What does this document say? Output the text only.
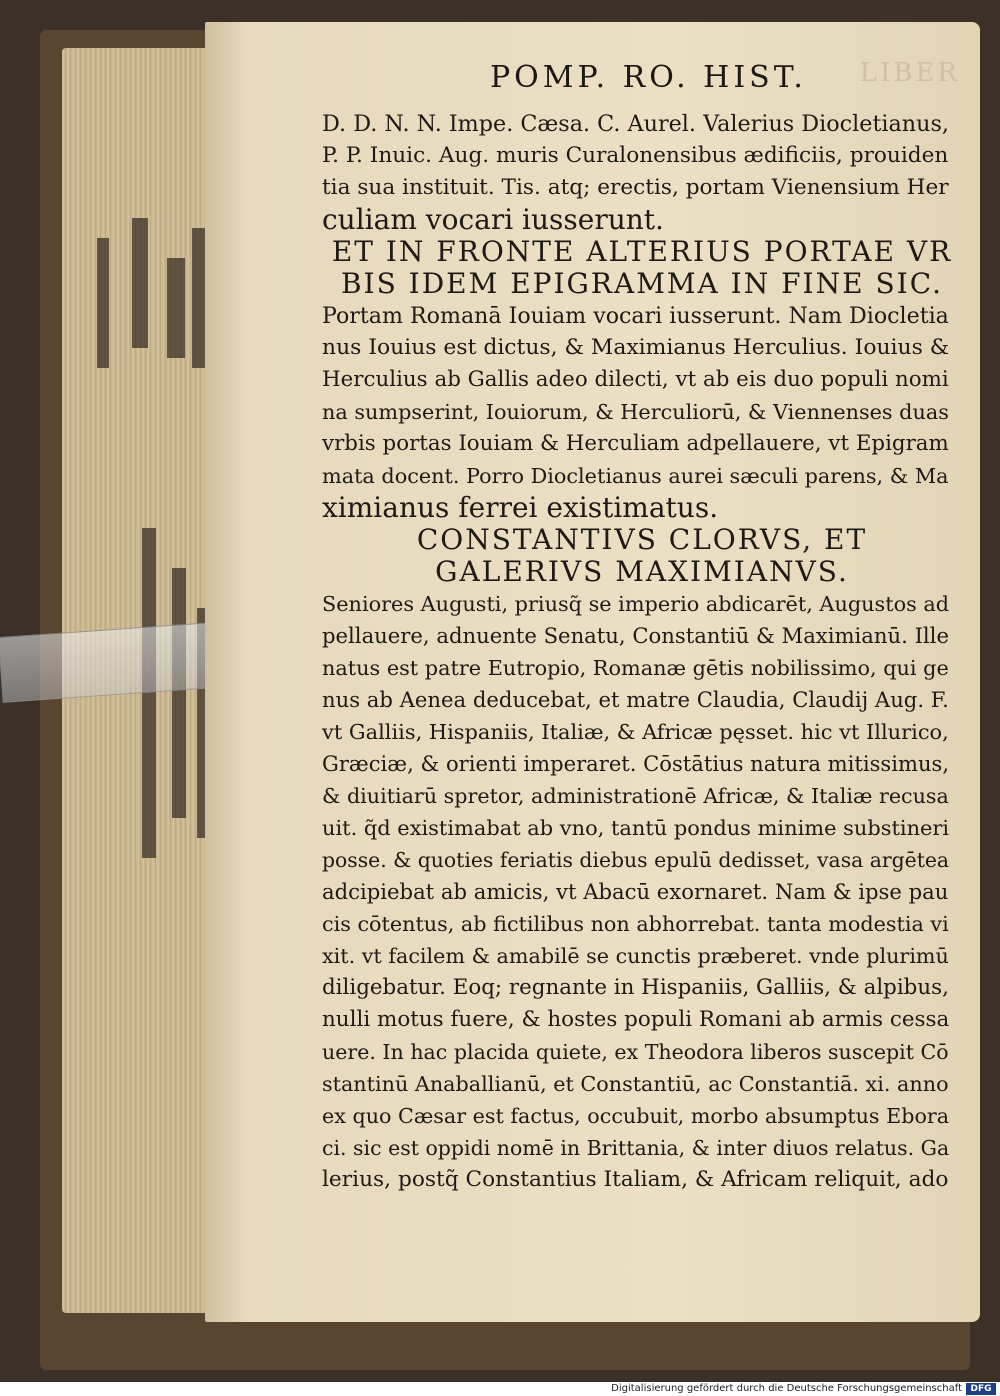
LIBER
POMP. RO. HIST.

D. D. N. N. Impe. Cæsa. C. Aurel. Valerius Diocletianus,

P. P. Inuic. Aug. muris Curalonensibus ædificiis, prouiden

tia sua instituit. Tis. atq; erectis, portam Vienensium Her

culiam vocari iusserunt.

ET IN FRONTE ALTERIUS PORTAE VR

BIS IDEM EPIGRAMMA IN FINE SIC.

Portam Romanā Iouiam vocari iusserunt. Nam Diocletia

nus Iouius est dictus, & Maximianus Herculius. Iouius &

Herculius ab Gallis adeo dilecti, vt ab eis duo populi nomi

na sumpserint, Iouiorum, & Herculiorū, & Viennenses duas

vrbis portas Iouiam & Herculiam adpellauere, vt Epigram

mata docent. Porro Diocletianus aurei sæculi parens, & Ma

ximianus ferrei existimatus.

CONSTANTIVS CLORVS, ET

GALERIVS MAXIMIANVS.

Seniores Augusti, priusq̃ se imperio abdicarēt, Augustos ad

pellauere, adnuente Senatu, Constantiū & Maximianū. Ille

natus est patre Eutropio, Romanæ gētis nobilissimo, qui ge

nus ab Aenea deducebat, et matre Claudia, Claudij Aug. F.

vt Galliis, Hispaniis, Italiæ, & Africæ pęsset. hic vt Illurico,

Græciæ, & orienti imperaret. Cōstātius natura mitissimus,

& diuitiarū spretor, administrationē Africæ, & Italiæ recusa

uit. q̃d existimabat ab vno, tantū pondus minime substineri

posse. & quoties feriatis diebus epulū dedisset, vasa argētea

adcipiebat ab amicis, vt Abacū exornaret. Nam & ipse pau

cis cōtentus, ab fictilibus non abhorrebat. tanta modestia vi

xit. vt facilem & amabilē se cunctis præberet. vnde plurimū

diligebatur. Eoq; regnante in Hispaniis, Galliis, & alpibus,

nulli motus fuere, & hostes populi Romani ab armis cessa

uere. In hac placida quiete, ex Theodora liberos suscepit Cō

stantinū Anaballianū, et Constantiū, ac Constantiā. xi. anno

ex quo Cæsar est factus, occubuit, morbo absumptus Ebora

ci. sic est oppidi nomē in Brittania, & inter diuos relatus. Ga

lerius, postq̃ Constantius Italiam, & Africam reliquit, ado

Digitalisierung gefördert durch die Deutsche Forschungsgemeinschaft DFG
